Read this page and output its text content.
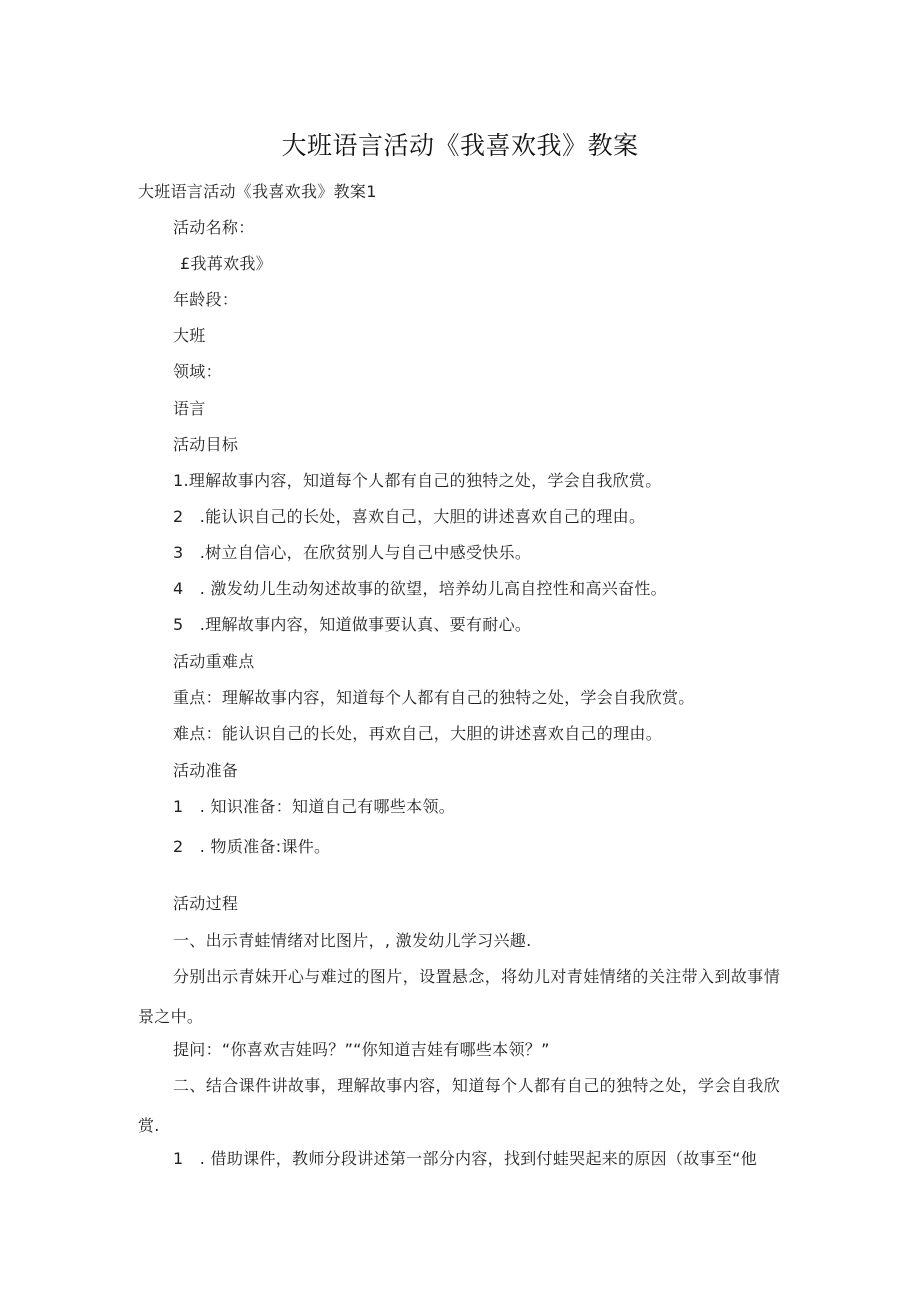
大班语言活动《我喜欢我》教案
大班语言活动《我喜欢我》教案1
活动名称：
£我苒欢我》
年龄段：
大班
领域：
语言
活动目标
1.理解故事内容，知道每个人都有自己的独特之处，学会自我欣赏。
2　.能认识自己的长处，喜欢自己，大胆的讲述喜欢自己的理由。
3　.树立自信心，在欣贫别人与自己中感受快乐。
4　. 激发幼儿生动匆述故事的欲望，培养幼儿高自控性和高兴奋性。
5　.理解故事内容，知道做事要认真、要有耐心。
活动重难点
重点：理解故事内容，知道每个人都有自己的独特之处，学会自我欣赏。
难点：能认识自己的长处，再欢自己，大胆的讲述喜欢自己的理由。
活动准备
1　. 知识准备：知道自己有哪些本领。
2　. 物质准备:课件。
活动过程
一、出示青蛙情绪对比图片，, 激发幼儿学习兴趣.
分别出示青妹开心与难过的图片，设置悬念，将幼儿对青娃情绪的关注带入到故事情景之中。
提问：“你喜欢吉娃吗？”“你知道吉娃有哪些本领？”
二、结合课件讲故事，理解故事内容，知道每个人都有自己的独特之处，学会自我欣赏.
1　. 借助课件，教师分段讲述第一部分内容，找到付蛙哭起来的原因（故事至“他
